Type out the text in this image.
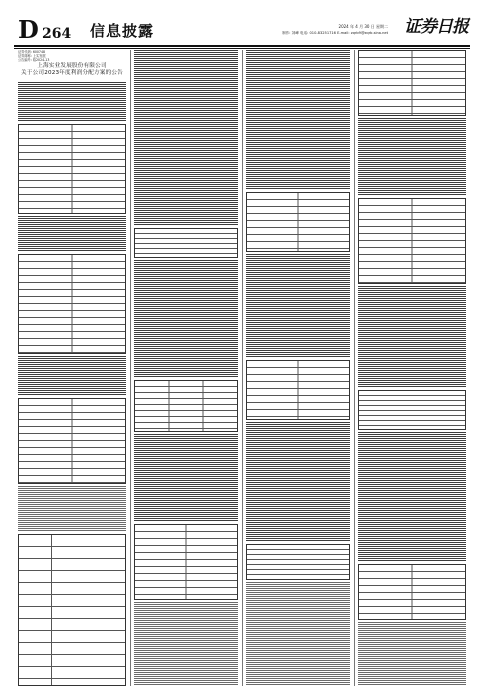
D 264 信息披露	2024 年 4 月 30 日 星期二
制作: 刘峰 电话: 010-83251716 E-mail: zqrb9@zqrb.sina.net 证券日报
证券代码: 600748
证券简称: 上实发展
公告编号: 临2024-13
上海实业发展股份有限公司
关于公司2023年度利润分配方案的公告
